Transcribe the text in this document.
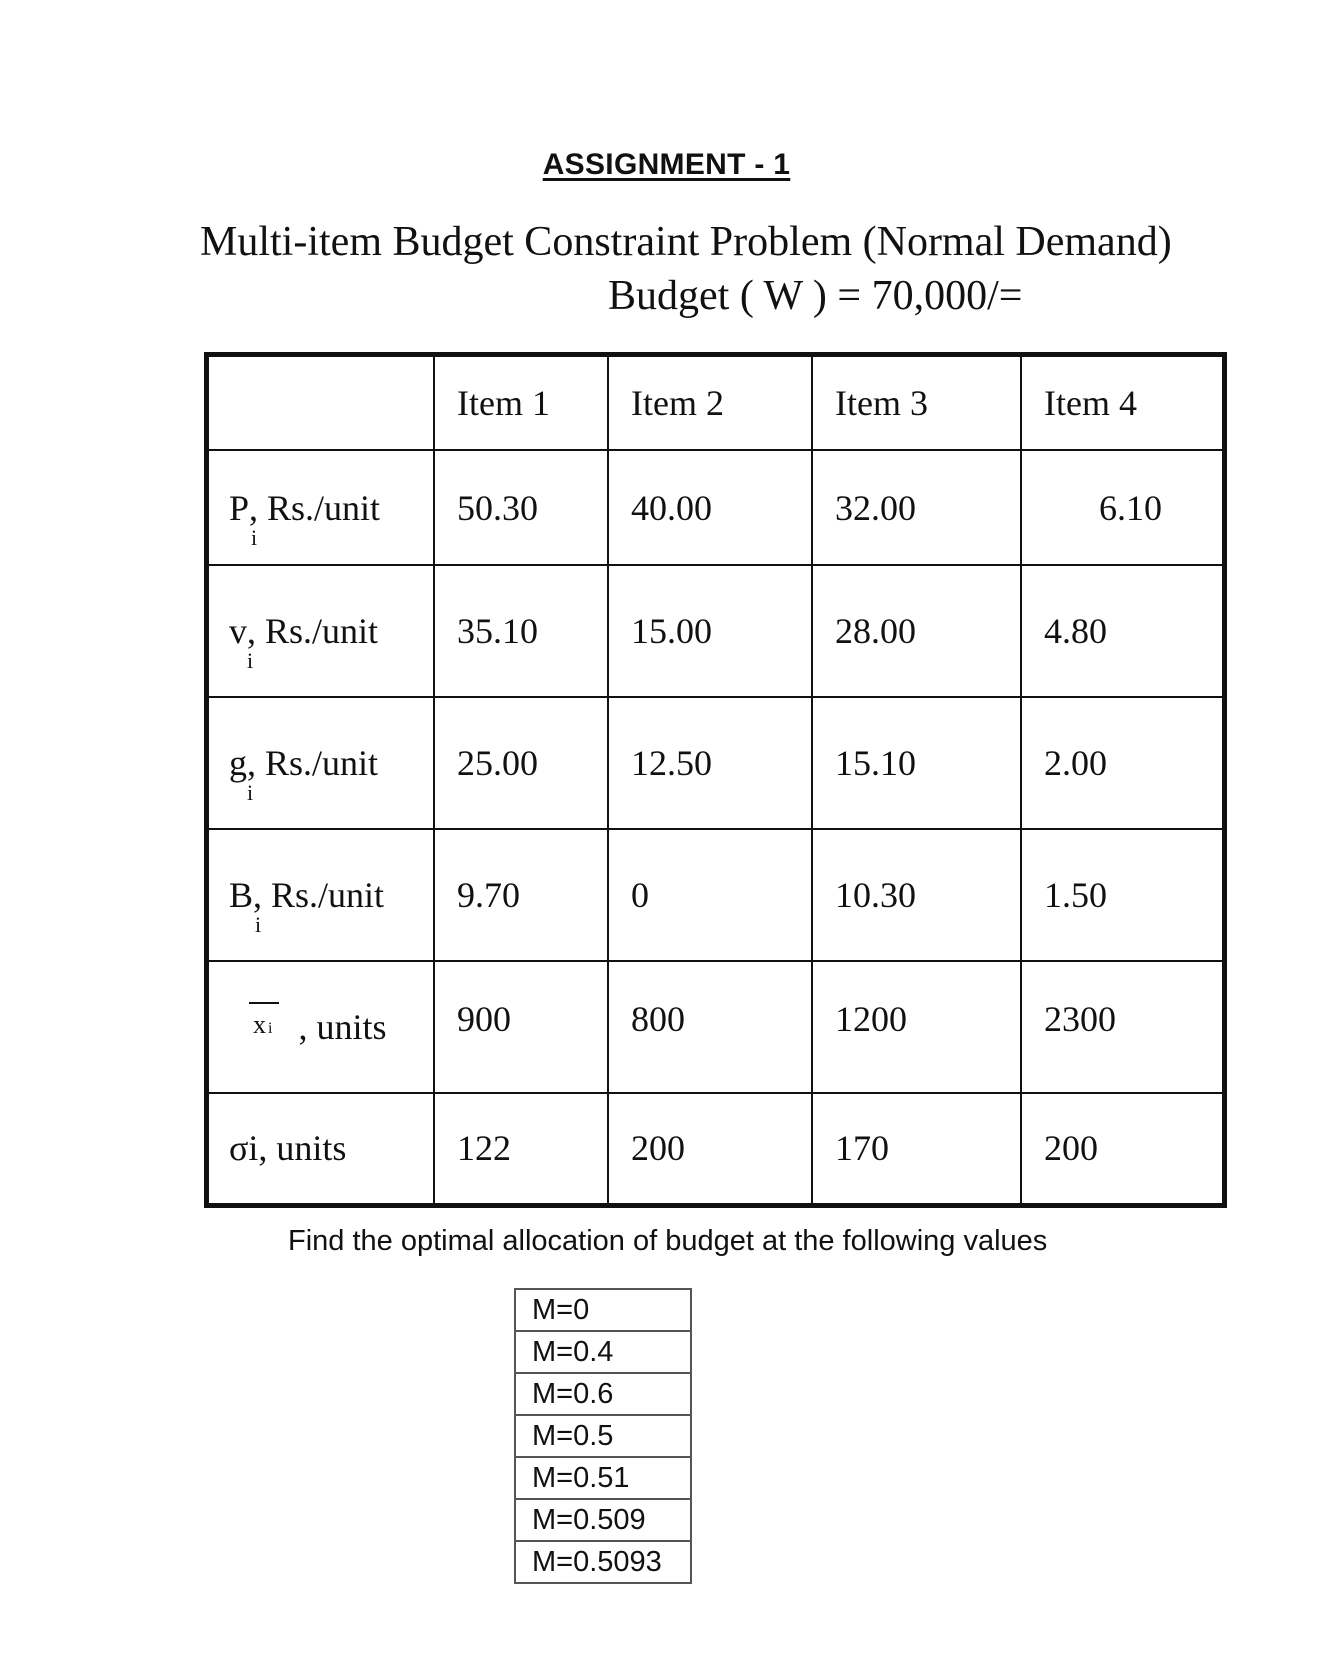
ASSIGNMENT - 1
Multi-item Budget Constraint Problem (Normal Demand)
Budget ( W ) = 70,000/=
	Item 1	Item 2	Item 3	Item 4
P
i
, Rs./unit	50.30	40.00	32.00	6.10
v
i
, Rs./unit	35.10	15.00	28.00	4.80
g
i
, Rs./unit	25.00	12.50	15.10	2.00
B
i
, Rs./unit	9.70	0	10.30	1.50
x i , units	900	800	1200	2300
σi, units	122	200	170	200
Find the optimal allocation of budget at the following values
M=0
M=0.4
M=0.6
M=0.5
M=0.51
M=0.509
M=0.5093
